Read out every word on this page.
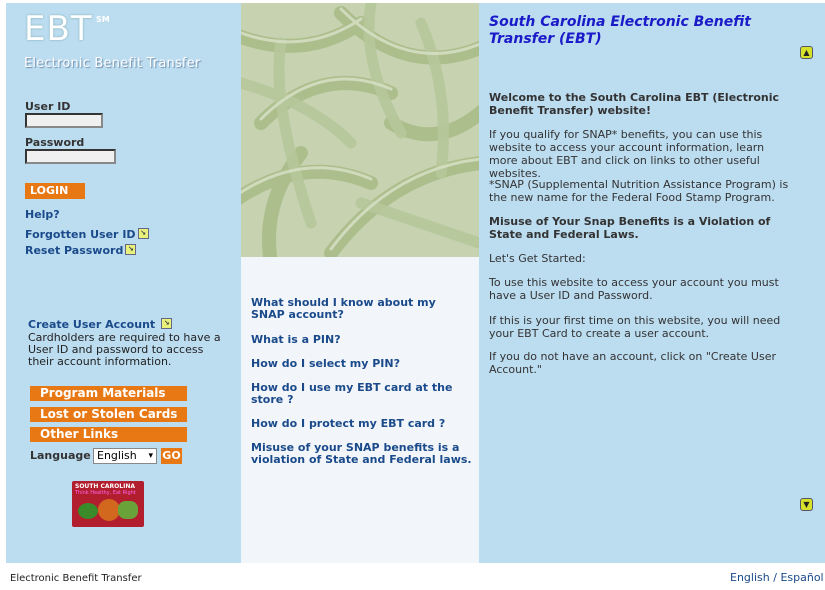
EBT SM
Electronic Benefit Transfer
User ID
Password
LOGIN
Help?
Forgotten User ID ↘
Reset Password ↘
Create User Account ↘
Cardholders are required to have a User ID and password to access their account information.
Program Materials
Lost or Stolen Cards
Other Links
Language English ▾ GO
SOUTH CAROLINA
Think Healthy, Eat Right
What should I know about my SNAP account?
What is a PIN?
How do I select my PIN?
How do I use my EBT card at the store ?
How do I protect my EBT card ?
Misuse of your SNAP benefits is a violation of State and Federal laws.
South Carolina Electronic Benefit Transfer (EBT)
▲
Welcome to the South Carolina EBT (Electronic Benefit Transfer) website!
If you qualify for SNAP* benefits, you can use this website to access your account information, learn more about EBT and click on links to other useful websites.
*SNAP (Supplemental Nutrition Assistance Program) is the new name for the Federal Food Stamp Program.
Misuse of Your Snap Benefits is a Violation of State and Federal Laws.
Let's Get Started:
To use this website to access your account you must have a User ID and Password.
If this is your first time on this website, you will need your EBT Card to create a user account.
If you do not have an account, click on "Create User Account."
▼
Electronic Benefit Transfer	English / Español
